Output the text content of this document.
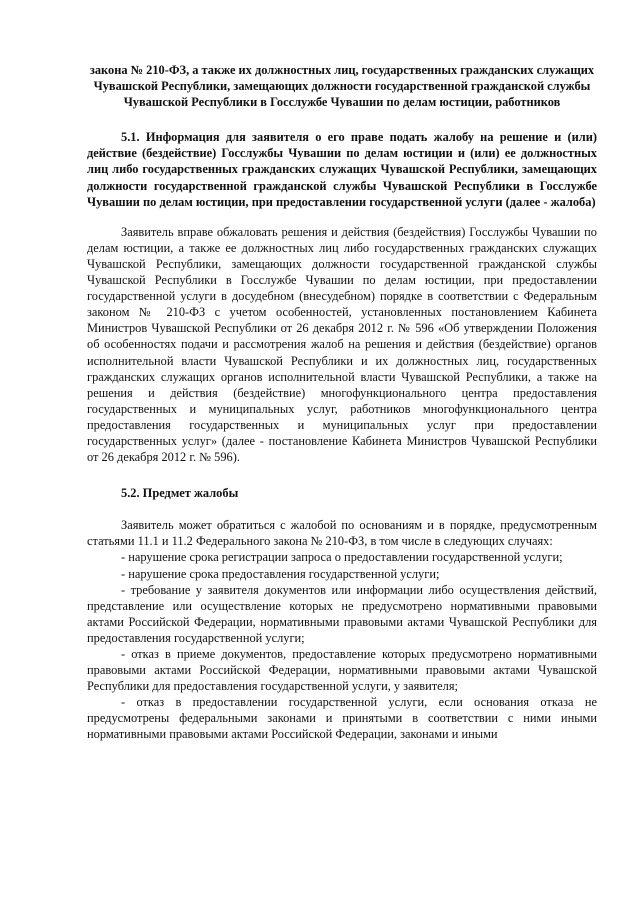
закона № 210-ФЗ, а также их должностных лиц, государственных гражданских служащих Чувашской Республики, замещающих должности государственной гражданской службы Чувашской Республики в Госслужбе Чувашии по делам юстиции, работников

5.1. Информация для заявителя о его праве подать жалобу на решение и (или) действие (бездействие) Госслужбы Чувашии по делам юстиции и (или) ее должностных лиц либо государственных гражданских служащих Чувашской Республики, замещающих должности государственной гражданской службы Чувашской Республики в Госслужбе Чувашии по делам юстиции, при предоставлении государственной услуги (далее - жалоба)

Заявитель вправе обжаловать решения и действия (бездействия) Госслужбы Чувашии по делам юстиции, а также ее должностных лиц либо государственных гражданских служащих Чувашской Республики, замещающих должности государственной гражданской службы Чувашской Республики в Госслужбе Чувашии по делам юстиции, при предоставлении государственной услуги в досудебном (внесудебном) порядке в соответствии с Федеральным законом № 210-ФЗ с учетом особенностей, установленных постановлением Кабинета Министров Чувашской Республики от 26 декабря 2012 г. № 596 «Об утверждении Положения об особенностях подачи и рассмотрения жалоб на решения и действия (бездействие) органов исполнительной власти Чувашской Республики и их должностных лиц, государственных гражданских служащих органов исполнительной власти Чувашской Республики, а также на решения и действия (бездействие) многофункционального центра предоставления государственных и муниципальных услуг, работников многофункционального центра предоставления государственных и муниципальных услуг при предоставлении государственных услуг» (далее - постановление Кабинета Министров Чувашской Республики от 26 декабря 2012 г. № 596).

5.2. Предмет жалобы

Заявитель может обратиться с жалобой по основаниям и в порядке, предусмотренным статьями 11.1 и 11.2 Федерального закона № 210-ФЗ, в том числе в следующих случаях:

- нарушение срока регистрации запроса о предоставлении государственной услуги;

- нарушение срока предоставления государственной услуги;

- требование у заявителя документов или информации либо осуществления действий, представление или осуществление которых не предусмотрено нормативными правовыми актами Российской Федерации, нормативными правовыми актами Чувашской Республики для предоставления государственной услуги;

- отказ в приеме документов, предоставление которых предусмотрено нормативными правовыми актами Российской Федерации, нормативными правовыми актами Чувашской Республики для предоставления государственной услуги, у заявителя;

- отказ в предоставлении государственной услуги, если основания отказа не предусмотрены федеральными законами и принятыми в соответствии с ними иными нормативными правовыми актами Российской Федерации, законами и иными
